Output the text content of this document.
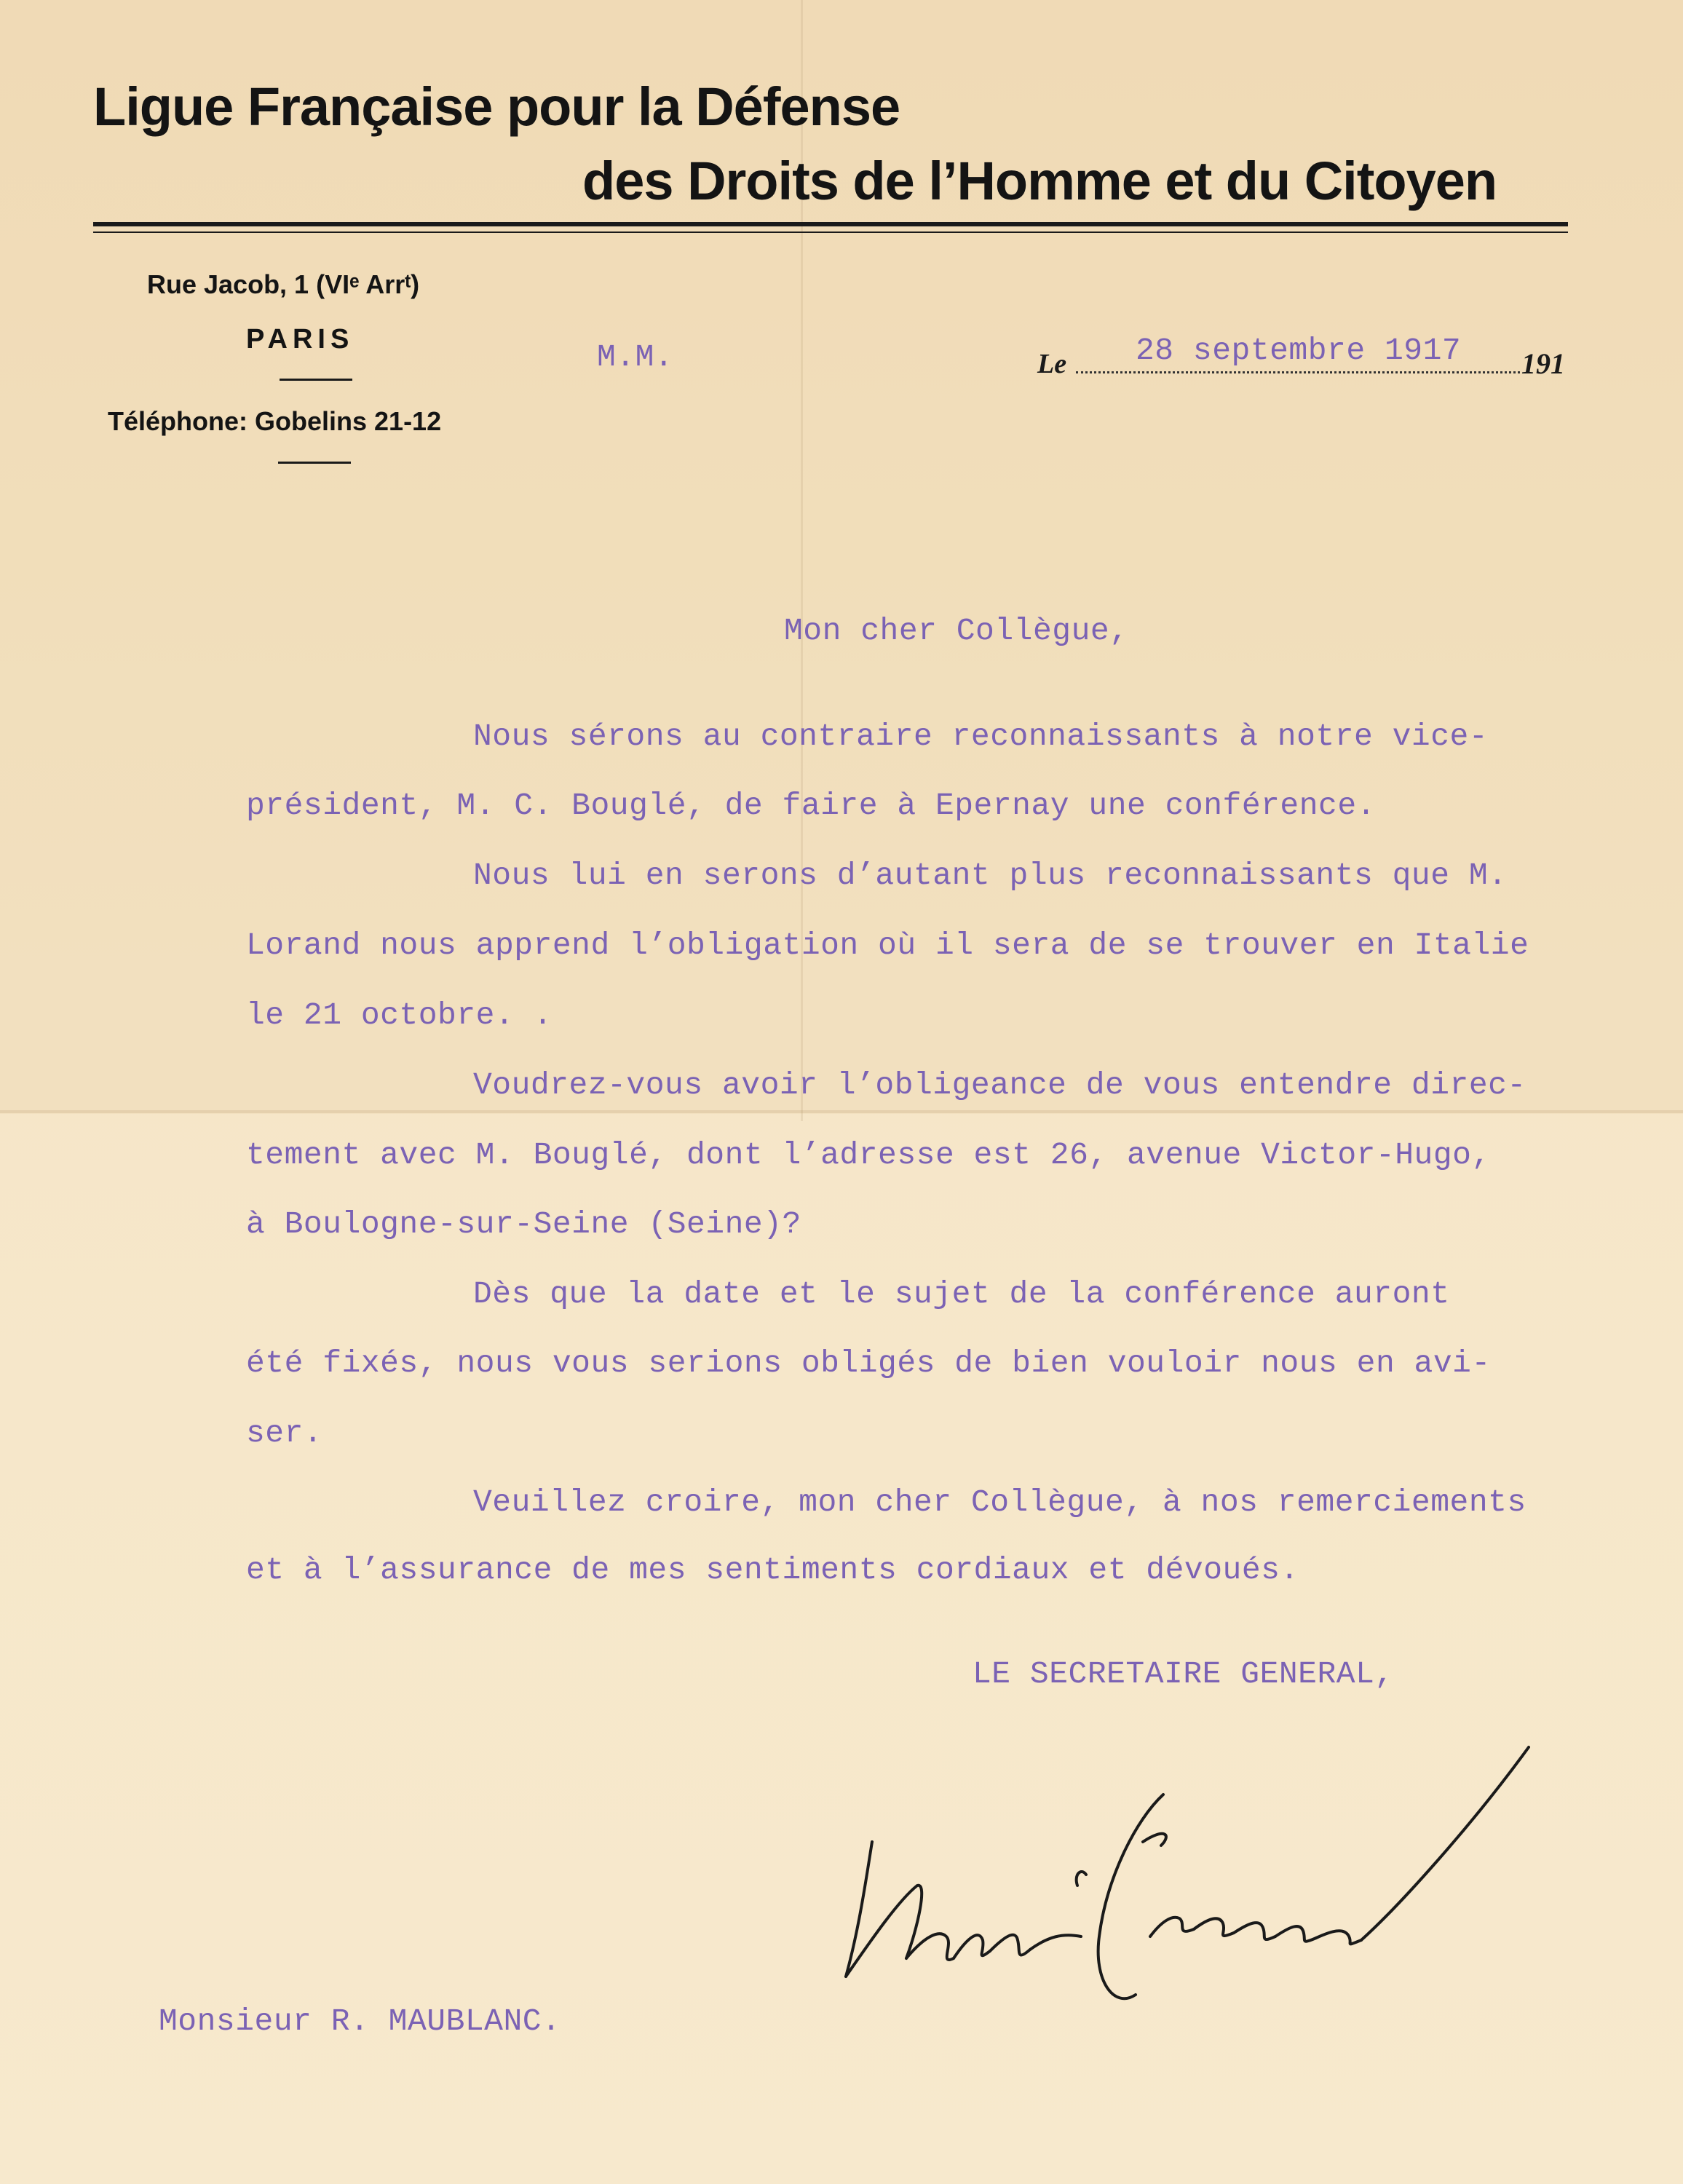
Ligue Française pour la Défense
des Droits de l’Homme et du Citoyen
Rue Jacob, 1 (VIᵉ Arrᵗ)
PARIS
Téléphone: Gobelins 21-12
M.M.	Le 28 septembre 1917 191
Mon cher Collègue,
Nous sérons au contraire reconnaissants à notre vice-
président, M. C. Bouglé, de faire à Epernay une conférence.
Nous lui en serons d’autant plus reconnaissants que M.
Lorand nous apprend l’obligation où il sera de se trouver en Italie
le 21 octobre. .
Voudrez-vous avoir l’obligeance de vous entendre direc-
tement avec M. Bouglé, dont l’adresse est 26, avenue Victor-Hugo,
à Boulogne-sur-Seine (Seine)?
Dès que la date et le sujet de la conférence auront
été fixés, nous vous serions obligés de bien vouloir nous en avi-
ser.
Veuillez croire, mon cher Collègue, à nos remerciements
et à l’assurance de mes sentiments cordiaux et dévoués.
LE SECRETAIRE GENERAL,
Monsieur R. MAUBLANC.
